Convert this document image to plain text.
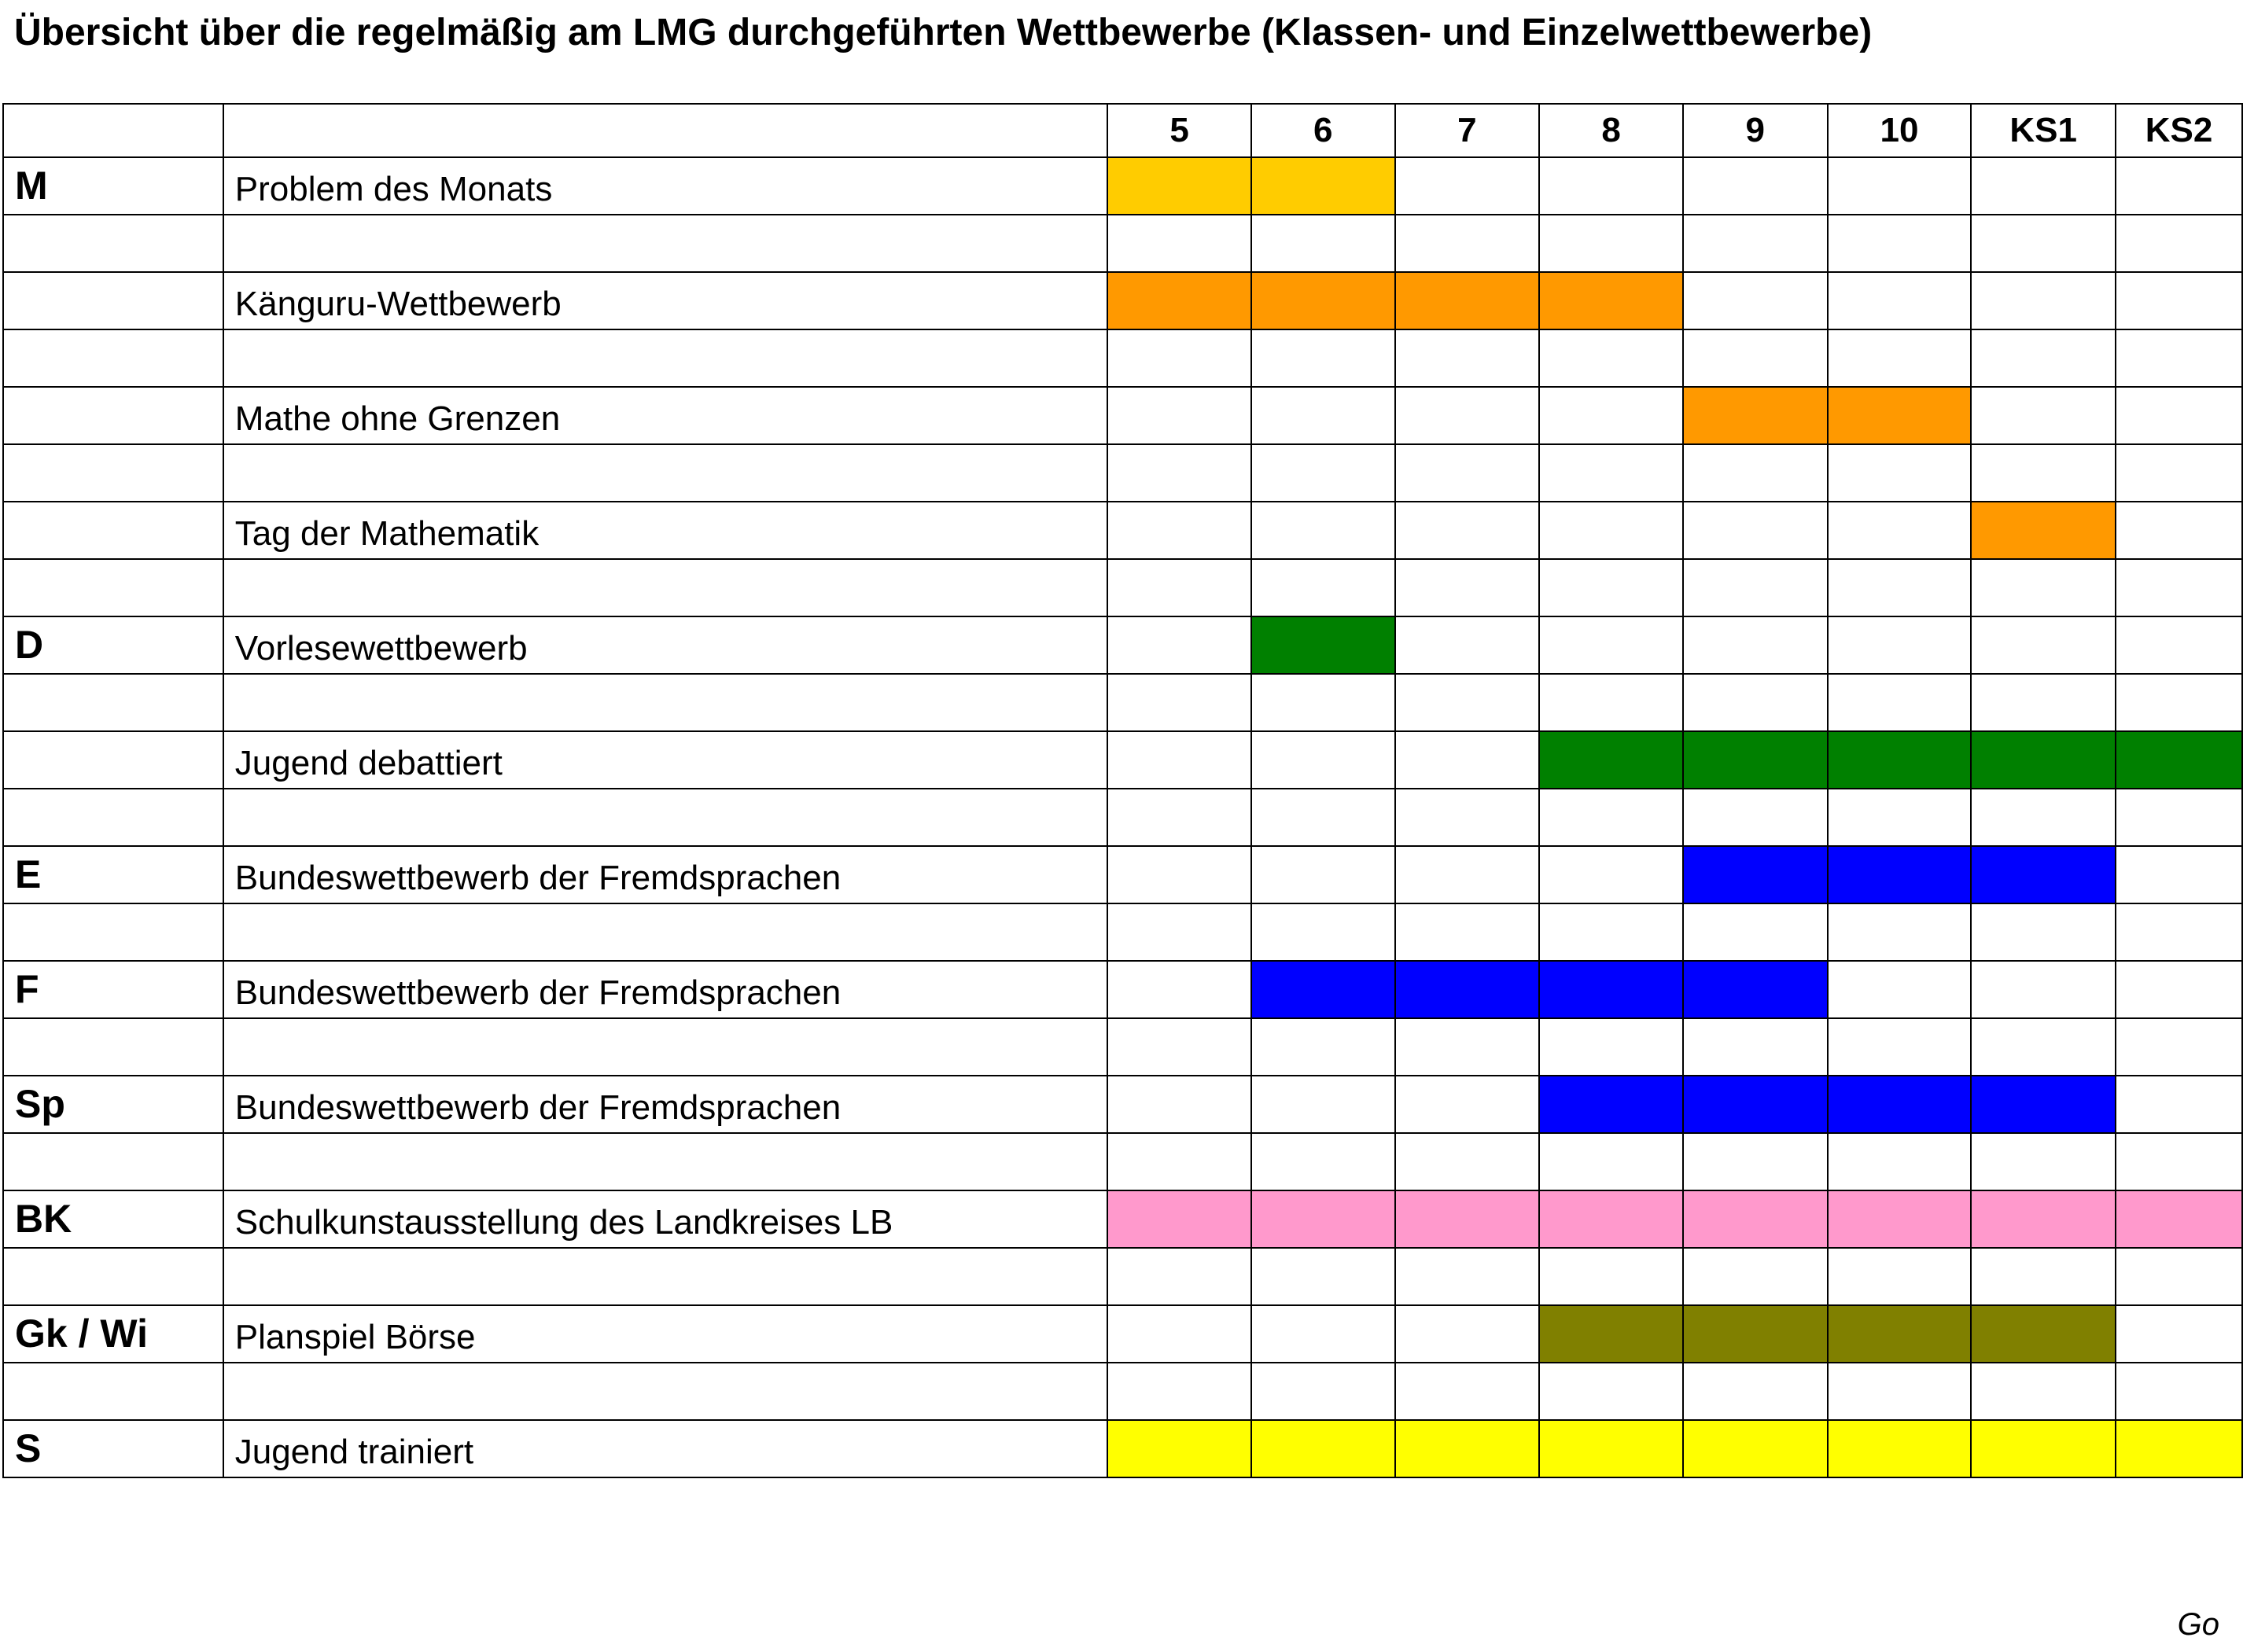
Übersicht über die regelmäßig am LMG durchgeführten Wettbewerbe (Klassen- und Einzelwettbewerbe)
		5	6	7	8	9	10	KS1	KS2
M	Problem des Monats								

	Känguru-Wettbewerb								

	Mathe ohne Grenzen								

	Tag der Mathematik								

D	Vorlesewettbewerb								

	Jugend debattiert								

E	Bundeswettbewerb der Fremdsprachen								

F	Bundeswettbewerb der Fremdsprachen								

Sp	Bundeswettbewerb der Fremdsprachen								

BK	Schulkunstausstellung des Landkreises LB								

Gk / Wi	Planspiel Börse								

S	Jugend trainiert								
Go
